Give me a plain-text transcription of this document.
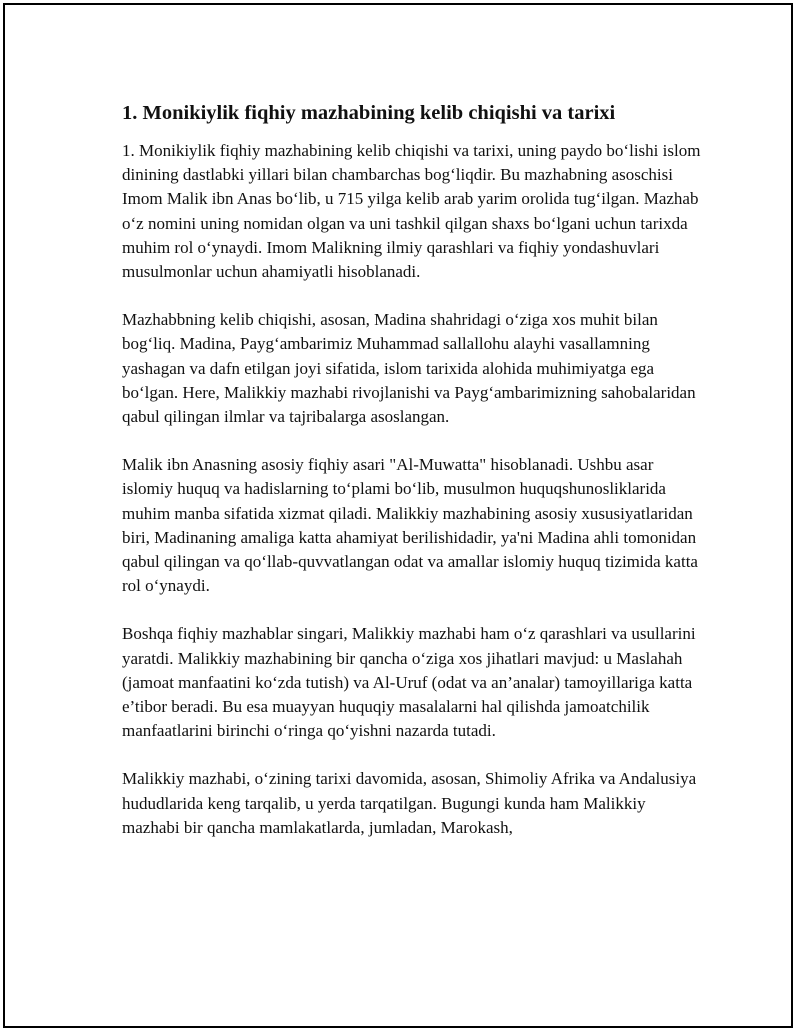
1. Monikiylik fiqhiy mazhabining kelib chiqishi va tarixi

1. Monikiylik fiqhiy mazhabining kelib chiqishi va tarixi, uning paydo bo‘lishi islom dinining dastlabki yillari bilan chambarchas bog‘liqdir. Bu mazhabning asoschisi Imom Malik ibn Anas bo‘lib, u 715 yilga kelib arab yarim orolida tug‘ilgan. Mazhab o‘z nomini uning nomidan olgan va uni tashkil qilgan shaxs bo‘lgani uchun tarixda muhim rol o‘ynaydi. Imom Malikning ilmiy qarashlari va fiqhiy yondashuvlari musulmonlar uchun ahamiyatli hisoblanadi.

Mazhabbning kelib chiqishi, asosan, Madina shahridagi o‘ziga xos muhit bilan bog‘liq. Madina, Payg‘ambarimiz Muhammad sallallohu alayhi vasallamning yashagan va dafn etilgan joyi sifatida, islom tarixida alohida muhimiyatga ega bo‘lgan. Here, Malikkiy mazhabi rivojlanishi va Payg‘ambarimizning sahobalaridan qabul qilingan ilmlar va tajribalarga asoslangan.

Malik ibn Anasning asosiy fiqhiy asari "Al-Muwatta" hisoblanadi. Ushbu asar islomiy huquq va hadislarning to‘plami bo‘lib, musulmon huquqshunosliklarida muhim manba sifatida xizmat qiladi. Malikkiy mazhabining asosiy xususiyatlaridan biri, Madinaning amaliga katta ahamiyat berilishidadir, ya'ni Madina ahli tomonidan qabul qilingan va qo‘llab-quvvatlangan odat va amallar islomiy huquq tizimida katta rol o‘ynaydi.

Boshqa fiqhiy mazhablar singari, Malikkiy mazhabi ham o‘z qarashlari va usullarini yaratdi. Malikkiy mazhabining bir qancha o‘ziga xos jihatlari mavjud: u Maslahah (jamoat manfaatini ko‘zda tutish) va Al-Uruf (odat va an’analar) tamoyillariga katta e’tibor beradi. Bu esa muayyan huquqiy masalalarni hal qilishda jamoatchilik manfaatlarini birinchi o‘ringa qo‘yishni nazarda tutadi.

Malikkiy mazhabi, o‘zining tarixi davomida, asosan, Shimoliy Afrika va Andalusiya hududlarida keng tarqalib, u yerda tarqatilgan. Bugungi kunda ham Malikkiy mazhabi bir qancha mamlakatlarda, jumladan, Marokash,
